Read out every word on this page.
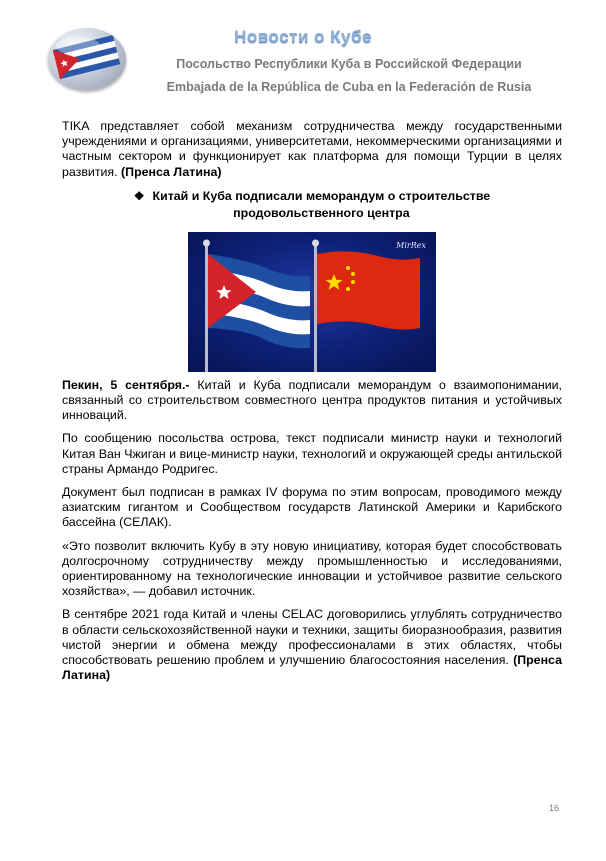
Новости о Кубе
Посольство Республики Куба в Российской Федерации
Embajada de la República de Cuba en la Federación de Rusia

TIKA представляет собой механизм сотрудничества между государственными учреждениями и организациями, университетами, некоммерческими организациями и частным сектором и функционирует как платформа для помощи Турции в целях развития. (Пренса Латина)

❖ Китай и Куба подписали меморандум о строительстве
продовольственного центра
MirRex

Пекин, 5 сентября.- Китай и Куба подписали меморандум о взаимопонимании, связанный со строительством совместного центра продуктов питания и устойчивых инноваций.

По сообщению посольства острова, текст подписали министр науки и технологий Китая Ван Чжиган и вице-министр науки, технологий и окружающей среды антильской страны Армандо Родригес.

Документ был подписан в рамках IV форума по этим вопросам, проводимого между азиатским гигантом и Сообществом государств Латинской Америки и Карибского бассейна (СЕЛАК).

«Это позволит включить Кубу в эту новую инициативу, которая будет способствовать долгосрочному сотрудничеству между промышленностью и исследованиями, ориентированному на технологические инновации и устойчивое развитие сельского хозяйства», — добавил источник.

В сентябре 2021 года Китай и члены CELAC договорились углублять сотрудничество в области сельскохозяйственной науки и техники, защиты биоразнообразия, развития чистой энергии и обмена между профессионалами в этих областях, чтобы способствовать решению проблем и улучшению благосостояния населения. (Пренса Латина)

16
